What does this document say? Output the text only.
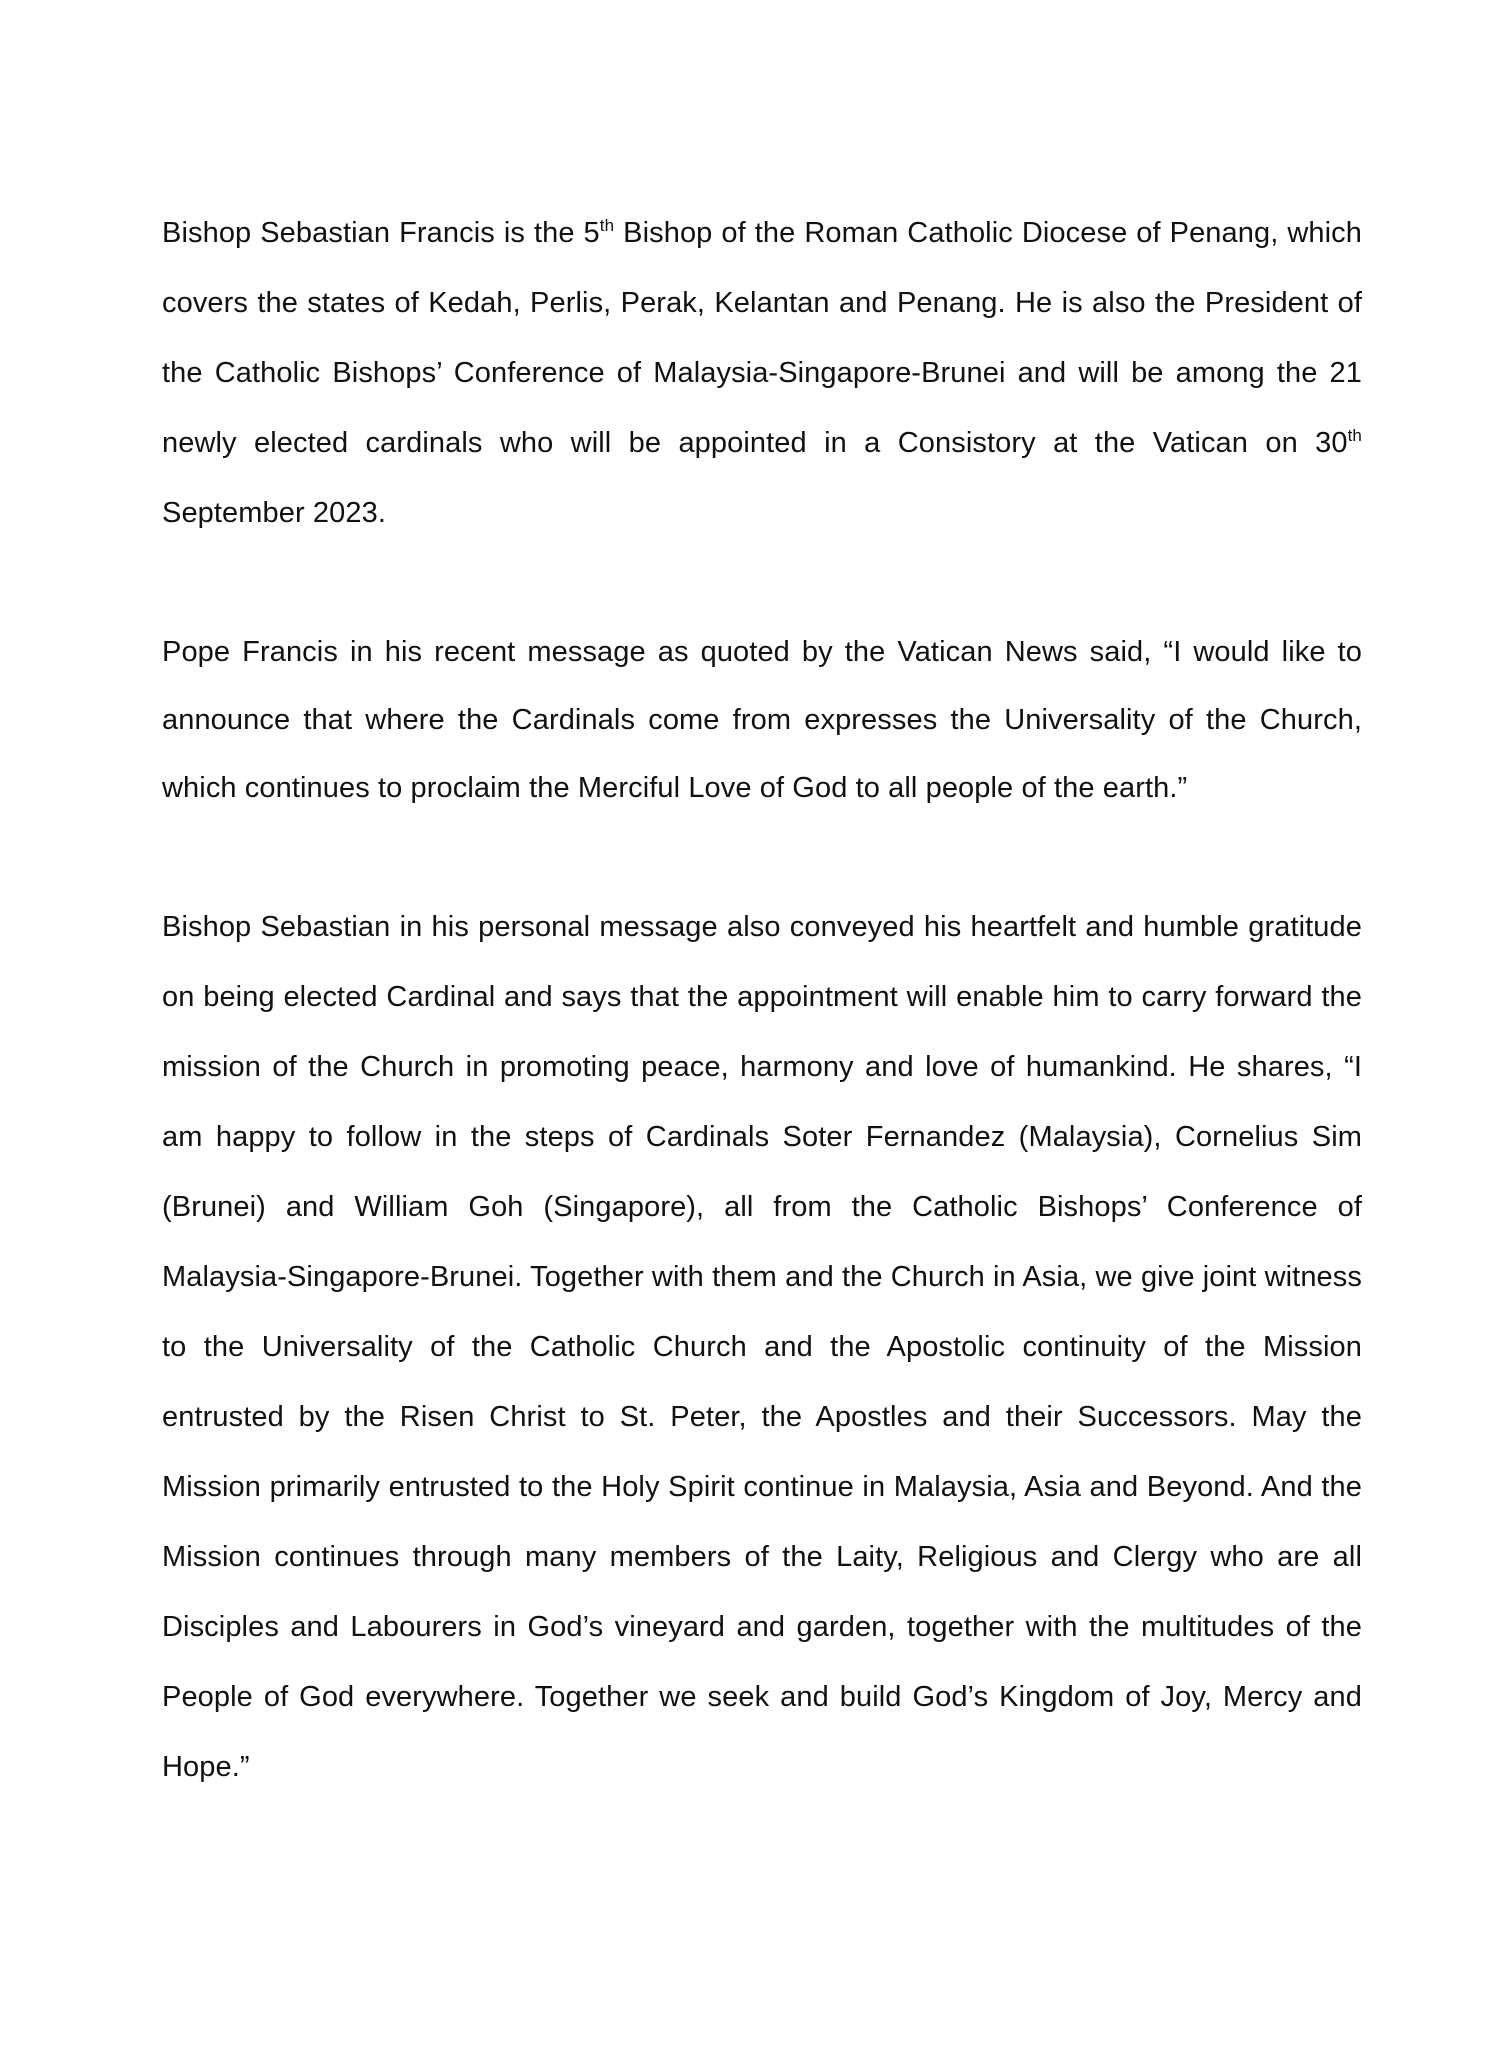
Bishop Sebastian Francis is the 5th Bishop of the Roman Catholic Diocese of Penang, which covers the states of Kedah, Perlis, Perak, Kelantan and Penang. He is also the President of the Catholic Bishops’ Conference of Malaysia-Singapore-Brunei and will be among the 21 newly elected cardinals who will be appointed in a Consistory at the Vatican on 30th September 2023.

Pope Francis in his recent message as quoted by the Vatican News said, “I would like to announce that where the Cardinals come from expresses the Universality of the Church, which continues to proclaim the Merciful Love of God to all people of the earth.”

Bishop Sebastian in his personal message also conveyed his heartfelt and humble gratitude on being elected Cardinal and says that the appointment will enable him to carry forward the mission of the Church in promoting peace, harmony and love of humankind. He shares, “I am happy to follow in the steps of Cardinals Soter Fernandez (Malaysia), Cornelius Sim (Brunei) and William Goh (Singapore), all from the Catholic Bishops’ Conference of Malaysia-Singapore-Brunei. Together with them and the Church in Asia, we give joint witness to the Universality of the Catholic Church and the Apostolic continuity of the Mission entrusted by the Risen Christ to St. Peter, the Apostles and their Successors. May the Mission primarily entrusted to the Holy Spirit continue in Malaysia, Asia and Beyond. And the Mission continues through many members of the Laity, Religious and Clergy who are all Disciples and Labourers in God’s vineyard and garden, together with the multitudes of the People of God everywhere. Together we seek and build God’s Kingdom of Joy, Mercy and Hope.”
